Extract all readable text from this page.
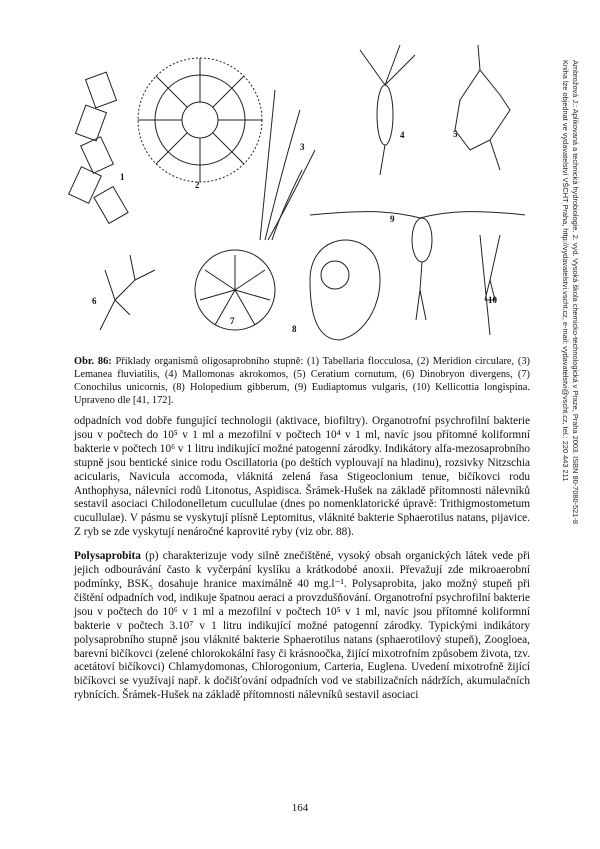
1
2
3
4	5
6
7
8
9
10
Obr. 86: Příklady organismů oligosaprobního stupně: (1) Tabellaria flocculosa, (2) Meridion circulare, (3) Lemanea fluviatilis, (4) Mallomonas akrokomos, (5) Ceratium cornutum, (6) Dinobryon divergens, (7) Conochilus unicornis, (8) Holopedium gibberum, (9) Eudiaptomus vulgaris, (10) Kellicottia longispina. Upraveno dle [41, 172].	Ambrožová J.: Aplikovaná a technická hydrobiologie. 2. vyd. Vysoká škola chemicko-technologická v Praze, Praha 2003. ISBN 80-7080-521-8
Kniha lze objednat ve vydavatelství VŠCHT Praha, http://vydavatelstvi.vscht.cz, e-mail: vydavatelstvi@vscht.cz, tel.: 220 443 211

odpadních vod dobře fungující technologii (aktivace, biofiltry). Organotrofní psychrofilní bakterie jsou v počtech do 10⁵ v 1 ml a mezofilní v počtech 10⁴ v 1 ml, navíc jsou přítomné koliformní bakterie v počtech 10⁶ v 1 litru indikující možné patogenní zárodky. Indikátory alfa-mezosaprobního stupně jsou bentické sinice rodu Oscillatoria (po deštích vyplouvají na hladinu), rozsivky Nitzschia acicularis, Navicula accomoda, vláknitá zelená řasa Stigeoclonium tenue, bičíkovci rodu Anthophysa, nálevníci rodů Litonotus, Aspidisca. Šrámek-Hušek na základě přítomnosti nálevníků sestavil asociaci Chilodonelletum cucullulae (dnes po nomenklatorické úpravě: Trithigmostometum cucullulae). V pásmu se vyskytují plísně Leptomitus, vláknité bakterie Sphaerotilus natans, pijavice. Z ryb se zde vyskytují nenáročné kaprovité ryby (viz obr. 88).

Polysaprobita (p) charakterizuje vody silně znečištěné, vysoký obsah organických látek vede při jejich odbourávání často k vyčerpání kyslíku a krátkodobé anoxii. Převažují zde mikroaerobní podmínky, BSK₅ dosahuje hranice maximálně 40 mg.l⁻¹. Polysaprobita, jako možný stupeň při čištění odpadních vod, indikuje špatnou aeraci a provzdušňování. Organotrofní psychrofilní bakterie jsou v počtech do 10⁶ v 1 ml a mezofilní v počtech 10⁵ v 1 ml, navíc jsou přítomné koliformní bakterie v počtech 3.10⁷ v 1 litru indikující možné patogenní zárodky. Typickými indikátory polysaprobního stupně jsou vláknité bakterie Sphaerotilus natans (sphaerotilový stupeň), Zoogloea, barevní bičíkovci (zelené chlorokokální řasy či krásnoočka, žijící mixotrofním způsobem života, tzv. acetátoví bičíkovci) Chlamydomonas, Chlorogonium, Carteria, Euglena. Uvedení mixotrofně žijící bičíkovci se využívají např. k dočišťování odpadních vod ve stabilizačních nádržích, akumulačních rybnících. Šrámek-Hušek na základě přítomnosti nálevníků sestavil asociaci

164
